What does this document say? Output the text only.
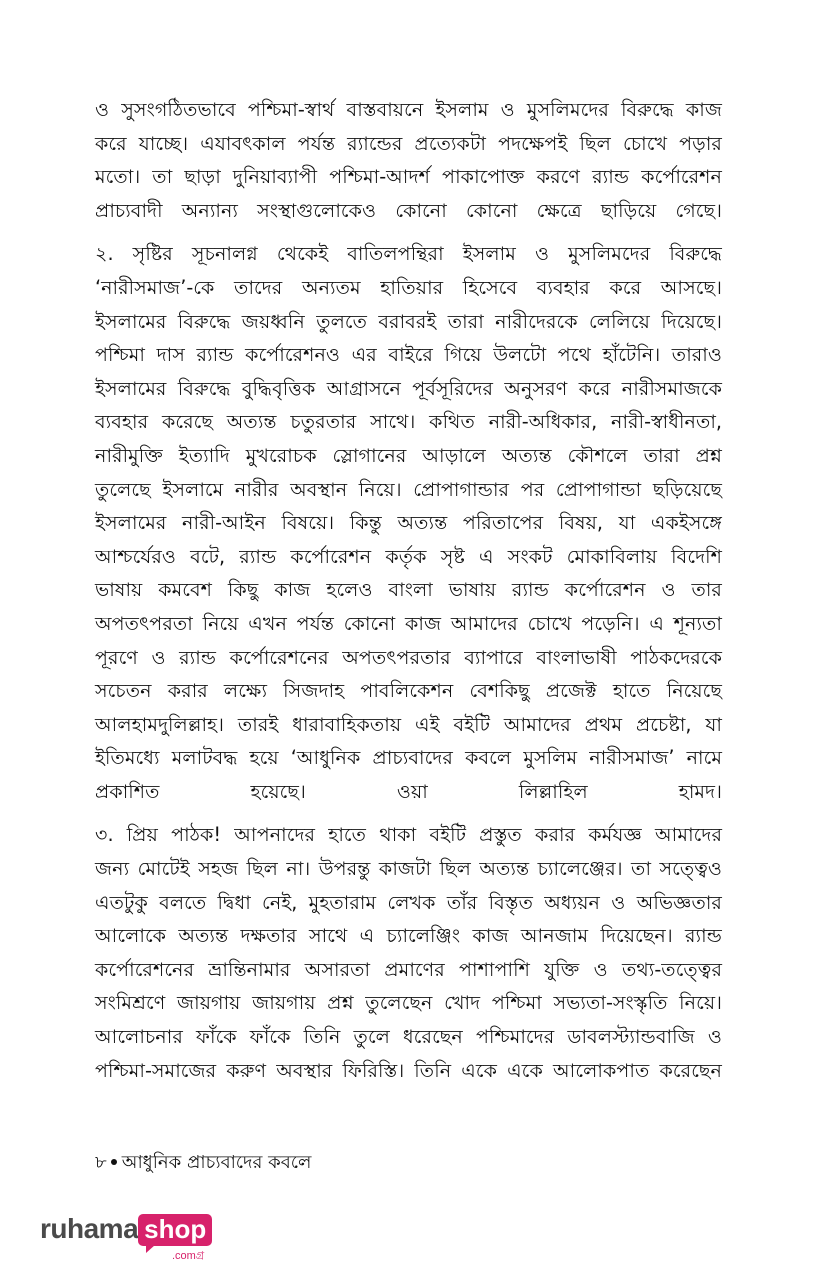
ও সুসংগঠিতভাবে পশ্চিমা-স্বার্থ বাস্তবায়নে ইসলাম ও মুসলিমদের বিরুদ্ধে কাজ
করে যাচ্ছে। এযাবৎকাল পর্যন্ত র‍্যান্ডের প্রত্যেকটা পদক্ষেপই ছিল চোখে পড়ার
মতো। তা ছাড়া দুনিয়াব্যাপী পশ্চিমা-আদর্শ পাকাপোক্ত করণে র‍্যান্ড কর্পোরেশন
প্রাচ্যবাদী অন্যান্য সংস্থাগুলোকেও কোনো কোনো ক্ষেত্রে ছাড়িয়ে গেছে।

২. সৃষ্টির সূচনালগ্ন থেকেই বাতিলপন্থিরা ইসলাম ও মুসলিমদের বিরুদ্ধে
‘নারীসমাজ’-কে তাদের অন্যতম হাতিয়ার হিসেবে ব্যবহার করে আসছে।
ইসলামের বিরুদ্ধে জয়ধ্বনি তুলতে বরাবরই তারা নারীদেরকে লেলিয়ে দিয়েছে।
পশ্চিমা দাস র‍্যান্ড কর্পোরেশনও এর বাইরে গিয়ে উলটো পথে হাঁটেনি। তারাও
ইসলামের বিরুদ্ধে বুদ্ধিবৃত্তিক আগ্রাসনে পূর্বসূরিদের অনুসরণ করে নারীসমাজকে
ব্যবহার করেছে অত্যন্ত চতুরতার সাথে। কথিত নারী-অধিকার, নারী-স্বাধীনতা,
নারীমুক্তি ইত্যাদি মুখরোচক স্লোগানের আড়ালে অত্যন্ত কৌশলে তারা প্রশ্ন
তুলেছে ইসলামে নারীর অবস্থান নিয়ে। প্রোপাগান্ডার পর প্রোপাগান্ডা ছড়িয়েছে
ইসলামের নারী-আইন বিষয়ে। কিন্তু অত্যন্ত পরিতাপের বিষয়, যা একইসঙ্গে
আশ্চর্যেরও বটে, র‍্যান্ড কর্পোরেশন কর্তৃক সৃষ্ট এ সংকট মোকাবিলায় বিদেশি
ভাষায় কমবেশ কিছু কাজ হলেও বাংলা ভাষায় র‍্যান্ড কর্পোরেশন ও তার
অপতৎপরতা নিয়ে এখন পর্যন্ত কোনো কাজ আমাদের চোখে পড়েনি। এ শূন্যতা
পূরণে ও র‍্যান্ড কর্পোরেশনের অপতৎপরতার ব্যাপারে বাংলাভাষী পাঠকদেরকে
সচেতন করার লক্ষ্যে সিজদাহ পাবলিকেশন বেশকিছু প্রজেক্ট হাতে নিয়েছে
আলহামদুলিল্লাহ। তারই ধারাবাহিকতায় এই বইটি আমাদের প্রথম প্রচেষ্টা, যা
ইতিমধ্যে মলাটবদ্ধ হয়ে ‘আধুনিক প্রাচ্যবাদের কবলে মুসলিম নারীসমাজ’ নামে
প্রকাশিত হয়েছে। ওয়া লিল্লাহিল হামদ।

৩. প্রিয় পাঠক! আপনাদের হাতে থাকা বইটি প্রস্তুত করার কর্মযজ্ঞ আমাদের
জন্য মোটেই সহজ ছিল না। উপরন্তু কাজটা ছিল অত্যন্ত চ্যালেঞ্জের। তা সত্ত্বেও
এতটুকু বলতে দ্বিধা নেই, মুহতারাম লেখক তাঁর বিস্তৃত অধ্যয়ন ও অভিজ্ঞতার
আলোকে অত্যন্ত দক্ষতার সাথে এ চ্যালেঞ্জিং কাজ আনজাম দিয়েছেন। র‍্যান্ড
কর্পোরেশনের ভ্রান্তিনামার অসারতা প্রমাণের পাশাপাশি যুক্তি ও তথ্য-তত্ত্বের
সংমিশ্রণে জায়গায় জায়গায় প্রশ্ন তুলেছেন খোদ পশ্চিমা সভ্যতা-সংস্কৃতি নিয়ে।
আলোচনার ফাঁকে ফাঁকে তিনি তুলে ধরেছেন পশ্চিমাদের ডাবলস্ট্যান্ডবাজি ও
পশ্চিমা-সমাজের করুণ অবস্থার ফিরিস্তি। তিনি একে একে আলোকপাত করেছেন

৮ আধুনিক প্রাচ্যবাদের কবলে
ruhama shop
.comগ্র
